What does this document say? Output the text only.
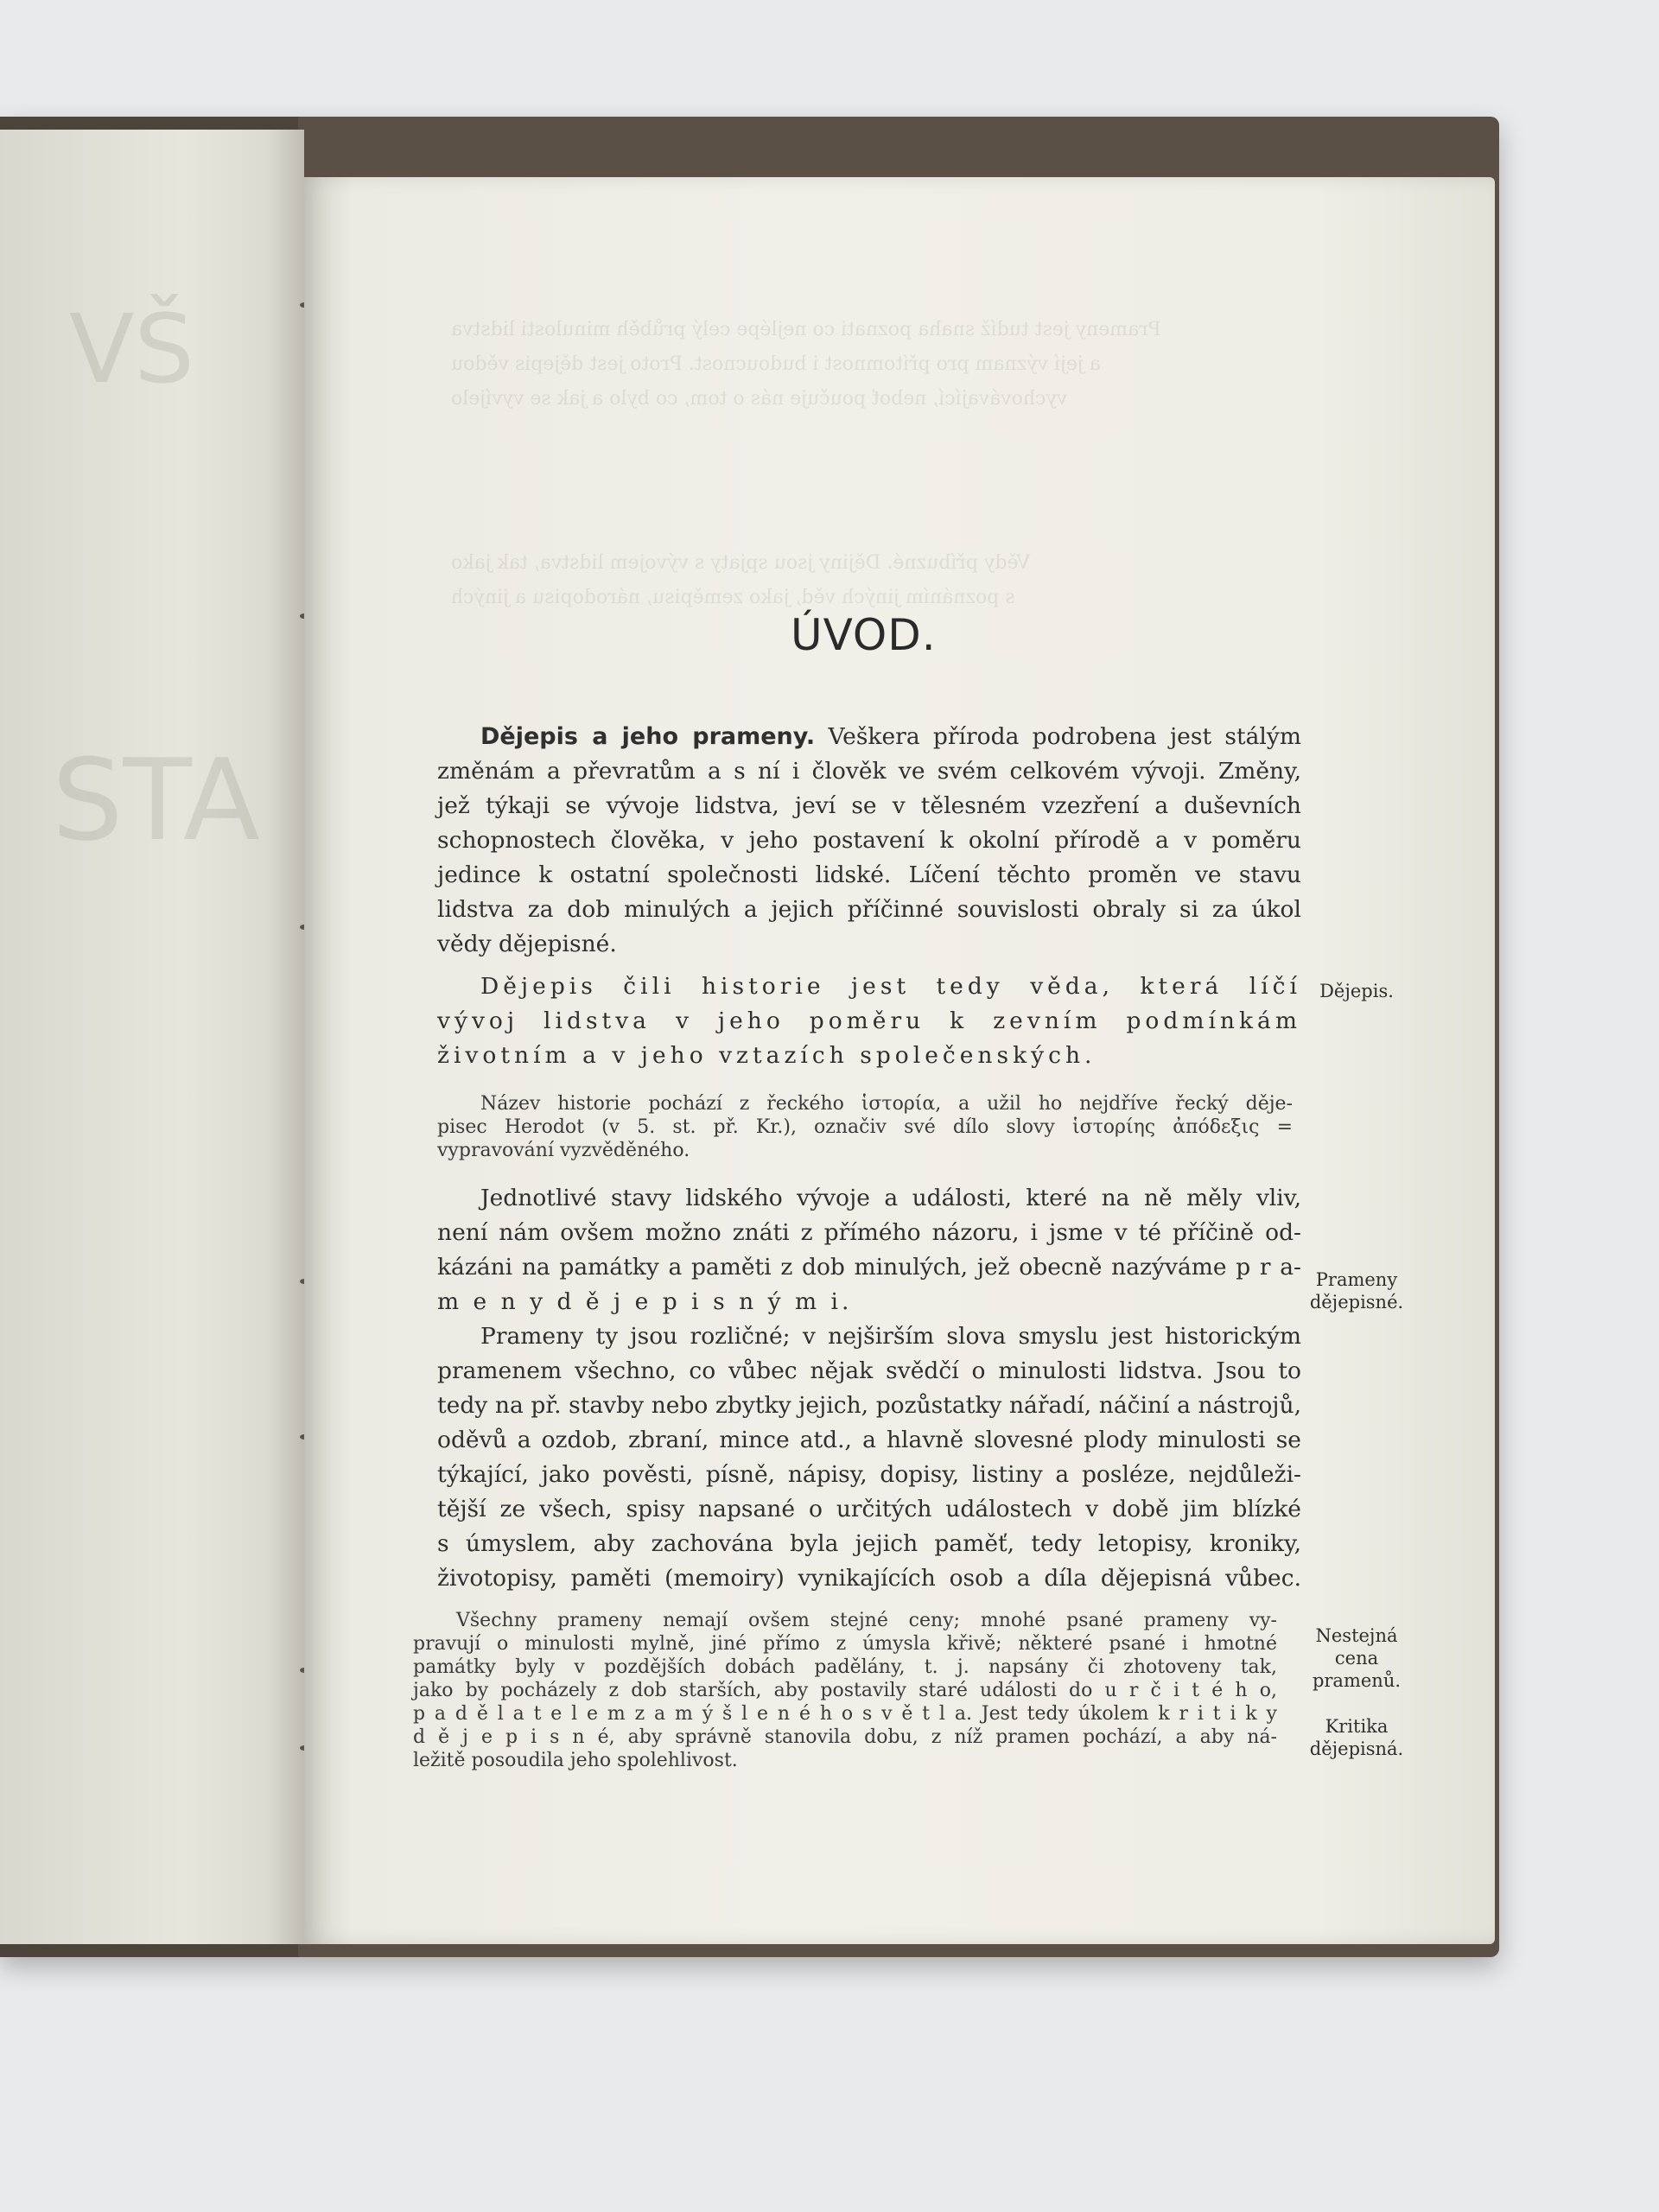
VŠ
STA
Prameny jest tudíž snaha poznati co nejlépe celý průběh minulosti lidstva
a její význam pro přítomnost i budoucnost. Proto jest dějepis vědou
vychovávající, neboť poučuje nás o tom, co bylo a jak se vyvíjelo
Vědy příbuzné. Dějiny jsou spjaty s vývojem lidstva, tak jako
s poznáním jiných věd, jako zeměpisu, národopisu a jiných
ÚVOD.
Dějepis a jeho prameny. Veškera příroda podrobena jest stálým
změnám a převratům a s ní i člověk ve svém celkovém vývoji. Změny,
jež týkaji se vývoje lidstva, jeví se v tělesném vzezření a duševních
schopnostech člověka, v jeho postavení k okolní přírodě a v poměru
jedince k ostatní společnosti lidské. Líčení těchto proměn ve stavu
lidstva za dob minulých a jejich příčinné souvislosti obraly si za úkol
vědy dějepisné.
Dějepis čili historie jest tedy věda, která líčí
vývoj lidstva v jeho poměru k zevním podmínkám
životním a v jeho vztazích společenských.
Název historie pochází z řeckého ἱστορία, a užil ho nejdříve řecký děje-
pisec Herodot (v 5. st. př. Kr.), označiv své dílo slovy ἱστορίης ἀπόδεξις =
vypravování vyzvěděného.
Jednotlivé stavy lidského vývoje a události, které na ně měly vliv,
není nám ovšem možno znáti z přímého názoru, i jsme v té příčině od-
kázáni na památky a paměti z dob minulých, jež obecně nazýváme p r a-
m e n y d ě j e p i s n ý m i.
Prameny ty jsou rozličné; v nejširším slova smyslu jest historickým
pramenem všechno, co vůbec nějak svědčí o minulosti lidstva. Jsou to
tedy na př. stavby nebo zbytky jejich, pozůstatky nářadí, náčiní a nástrojů,
oděvů a ozdob, zbraní, mince atd., a hlavně slovesné plody minulosti se
týkající, jako pověsti, písně, nápisy, dopisy, listiny a posléze, nejdůleži-
tější ze všech, spisy napsané o určitých událostech v době jim blízké
s úmyslem, aby zachována byla jejich paměť, tedy letopisy, kroniky,
životopisy, paměti (memoiry) vynikajících osob a díla dějepisná vůbec.
Všechny prameny nemají ovšem stejné ceny; mnohé psané prameny vy-
pravují o minulosti mylně, jiné přímo z úmysla křivě; některé psané i hmotné
památky byly v pozdějších dobách padělány, t. j. napsány či zhotoveny tak,
jako by pocházely z dob starších, aby postavily staré události do u r č i t é h o,
p a d ě l a t e l e m z a m ý š l e n é h o s v ě t l a. Jest tedy úkolem k r i t i k y
d ě j e p i s n é, aby správně stanovila dobu, z níž pramen pochází, a aby ná-
ležitě posoudila jeho spolehlivost.
Dějepis.
Prameny
dějepisné.
Nestejná
cena
pramenů.
Kritika
dějepisná.
